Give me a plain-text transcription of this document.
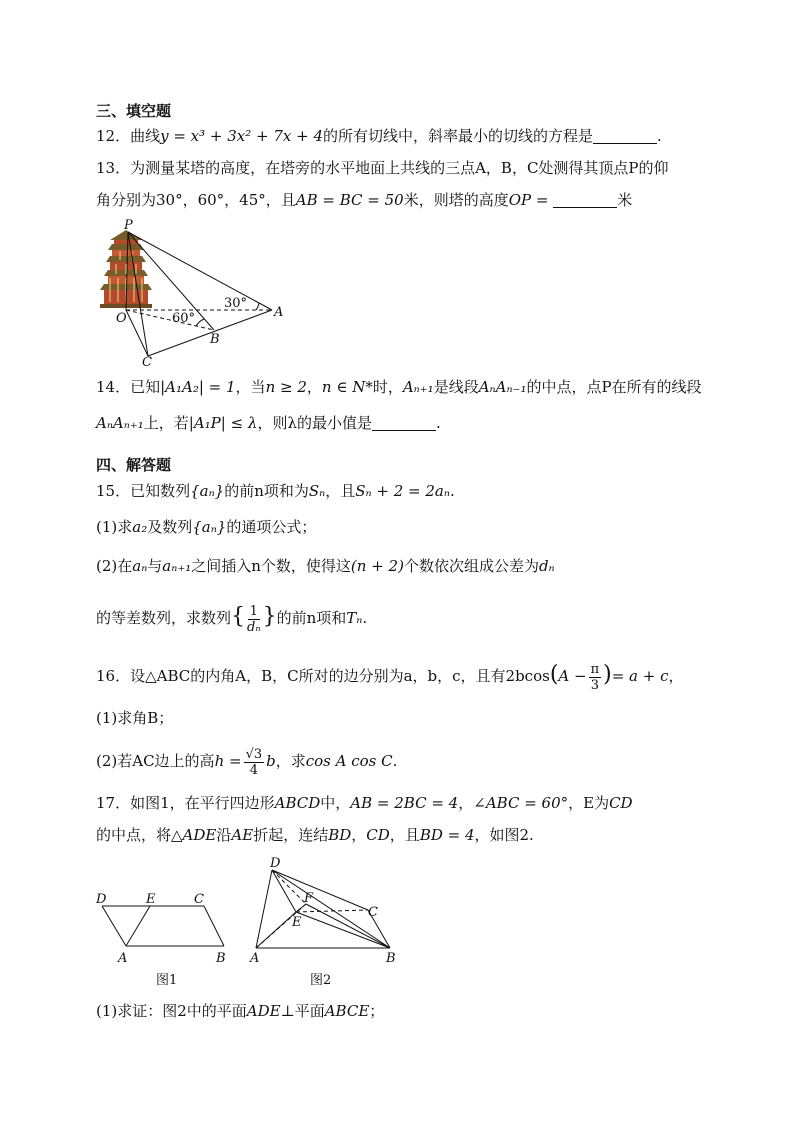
三、填空题
12．曲线y = x³ + 3x² + 7x + 4的所有切线中，斜率最小的切线的方程是	.
13．为测量某塔的高度，在塔旁的水平地面上共线的三点A，B，C处测得其顶点P的仰
角分别为30°，60°，45°，且AB = BC = 50米，则塔的高度OP =	米
P
O	A
B
C
30°
60°
14．已知|A₁A₂| = 1，当n ≥ 2，n ∈ N*时，Aₙ₊₁是线段AₙAₙ₋₁的中点，点P在所有的线段
AₙAₙ₊₁上，若|A₁P| ≤ λ，则λ的最小值是	.
四、解答题
15．已知数列{aₙ}的前n项和为Sₙ，且Sₙ + 2 = 2aₙ.
(1)求a₂及数列{aₙ}的通项公式；
(2)在aₙ与aₙ₊₁之间插入n个数，使得这(n + 2)个数依次组成公差为dₙ
的等差数列，求数列{ $\frac{1}{\text{dₙ}}$ }的前n项和Tₙ.
16．设△ABC的内角A，B，C所对的边分别为a，b，c，且有$2bcos(A - \frac{\pi}{3}$ )= a + c，
(1)求角B；
(2)若AC边上的高$h = \frac{√3}{4}$ b，求cos A cos C.
17．如图1，在平行四边形ABCD中，AB = 2BC = 4，∠ABC = 60°，E为CD
的中点，将△ADE沿AE折起，连结BD，CD，且BD = 4，如图2.
D	E	C
A	B
图1
D
F
C
E
A	B
图2
(1)求证：图2中的平面ADE⊥平面ABCE；
